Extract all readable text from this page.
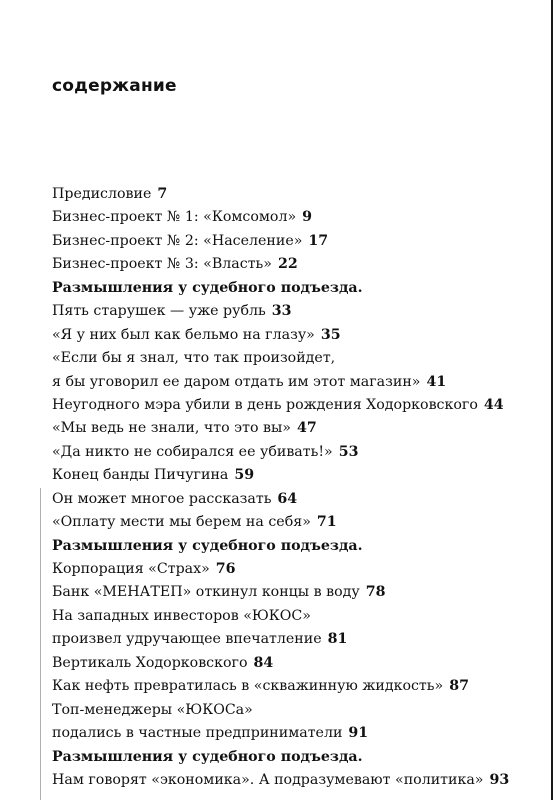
содержание
Предисловие 7
Бизнес-проект № 1: «Комсомол» 9
Бизнес-проект № 2: «Население» 17
Бизнес-проект № 3: «Власть» 22
Размышления у судебного подъезда.
Пять старушек — уже рубль 33
«Я у них был как бельмо на глазу» 35
«Если бы я знал, что так произойдет,
я бы уговорил ее даром отдать им этот магазин» 41
Неугодного мэра убили в день рождения Ходорковского 44
«Мы ведь не знали, что это вы» 47
«Да никто не собирался ее убивать!» 53
Конец банды Пичугина 59
Он может многое рассказать 64
«Оплату мести мы берем на себя» 71
Размышления у судебного подъезда.
Корпорация «Страх» 76
Банк «МЕНАТЕП» откинул концы в воду 78
На западных инвесторов «ЮКОС»
произвел удручающее впечатление 81
Вертикаль Ходорковского 84
Как нефть превратилась в «скважинную жидкость» 87
Топ-менеджеры «ЮКОСа»
подались в частные предприниматели 91
Размышления у судебного подъезда.
Нам говорят «экономика». А подразумевают «политика» 93
